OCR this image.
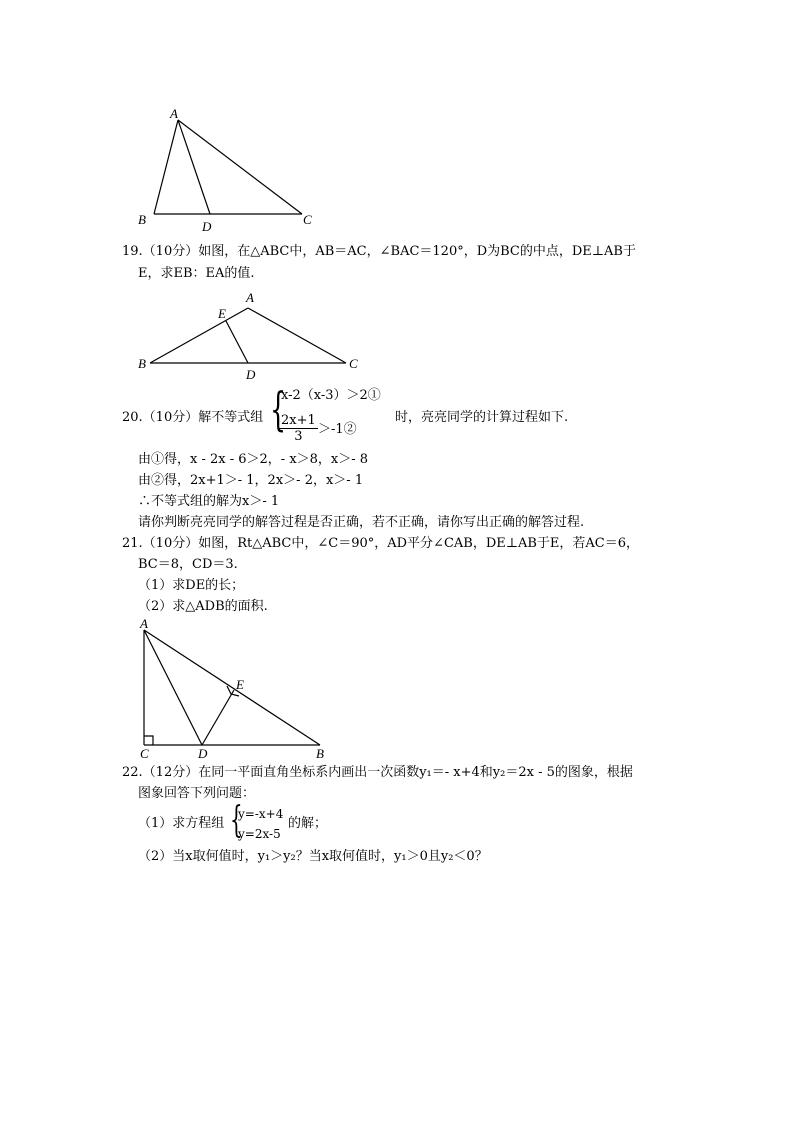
A
B	D	C
19.（10分）如图，在△ABC中，AB＝AC，∠BAC＝120°，D为BC的中点，DE⊥AB于
E，求EB：EA的值.
A
E
B	C
D
20.（10分）解不等式组 {
x-2（x-3）＞2①
$\frac{2x+1}{3}$ ＞-1②
时，亮亮同学的计算过程如下.
由①得，x - 2x - 6＞2，- x＞8，x＞- 8
由②得，2x+1＞- 1，2x＞- 2，x＞- 1
∴不等式组的解为x＞- 1
请你判断亮亮同学的解答过程是否正确，若不正确，请你写出正确的解答过程.
21.（10分）如图，Rt△ABC中，∠C＝90°，AD平分∠CAB，DE⊥AB于E，若AC＝6，
BC＝8，CD＝3.
（1）求DE的长；
（2）求△ADB的面积.
A
E
C	D	B
22.（12分）在同一平面直角坐标系内画出一次函数y₁＝- x+4和y₂＝2x - 5的图象，根据
图象回答下列问题：
（1）求方程组 {
y=-x+4
y=2x-5
的解；
（2）当x取何值时，y₁＞y₂？当x取何值时，y₁＞0且y₂＜0？
